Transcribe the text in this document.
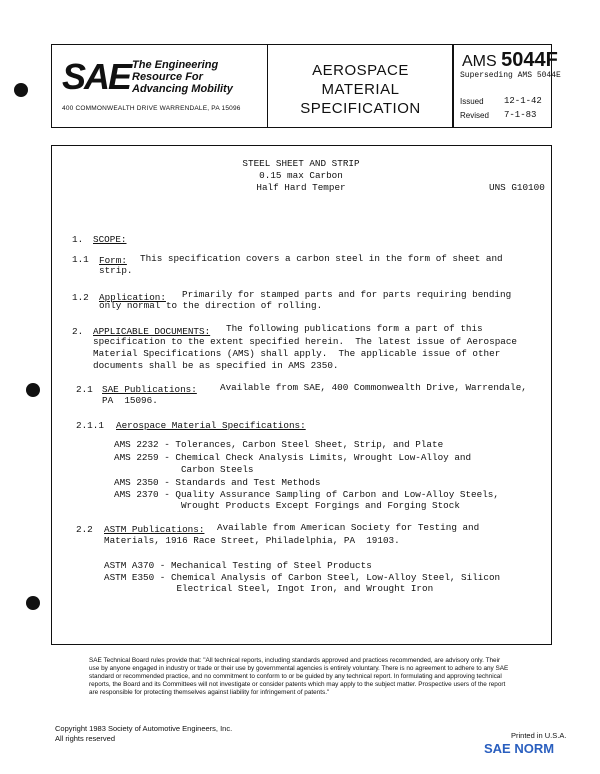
SAE The Engineering
Resource For
Advancing Mobility
400 COMMONWEALTH DRIVE WARRENDALE, PA 15096
AEROSPACE
MATERIAL
SPECIFICATION
AMS 5044F
Superseding AMS 5044E
Issued 12-1-42
Revised 7-1-83
STEEL SHEET AND STRIP
0.15 max Carbon
Half Hard Temper	UNS G10100
1. SCOPE:
1.1 Form: This specification covers a carbon steel in the form of sheet and
strip.
1.2 Application: Primarily for stamped parts and for parts requiring bending
only normal to the direction of rolling.
2. APPLICABLE DOCUMENTS: The following publications form a part of this
specification to the extent specified herein.  The latest issue of Aerospace
Material Specifications (AMS) shall apply.  The applicable issue of other
documents shall be as specified in AMS 2350.
2.1 SAE Publications: Available from SAE, 400 Commonwealth Drive, Warrendale,
PA  15096.
2.1.1 Aerospace Material Specifications:
AMS 2232 - Tolerances, Carbon Steel Sheet, Strip, and Plate
AMS 2259 - Chemical Check Analysis Limits, Wrought Low-Alloy and
Carbon Steels
AMS 2350 - Standards and Test Methods
AMS 2370 - Quality Assurance Sampling of Carbon and Low-Alloy Steels,
Wrought Products Except Forgings and Forging Stock
2.2 ASTM Publications: Available from American Society for Testing and
Materials, 1916 Race Street, Philadelphia, PA  19103.
ASTM A370 - Mechanical Testing of Steel Products
ASTM E350 - Chemical Analysis of Carbon Steel, Low-Alloy Steel, Silicon
Electrical Steel, Ingot Iron, and Wrought Iron
SAE Technical Board rules provide that: "All technical reports, including standards approved and practices recommended, are advisory only. Their use by anyone engaged in industry or trade or their use by governmental agencies is entirely voluntary. There is no agreement to adhere to any SAE standard or recommended practice, and no commitment to conform to or be guided by any technical report. In formulating and approving technical reports, the Board and its Committees will not investigate or consider patents which may apply to the subject matter. Prospective users of the report are responsible for protecting themselves against liability for infringement of patents."
Copyright 1983 Society of Automotive Engineers, Inc.
All rights reserved	Printed in U.S.A.
SAE NORM
